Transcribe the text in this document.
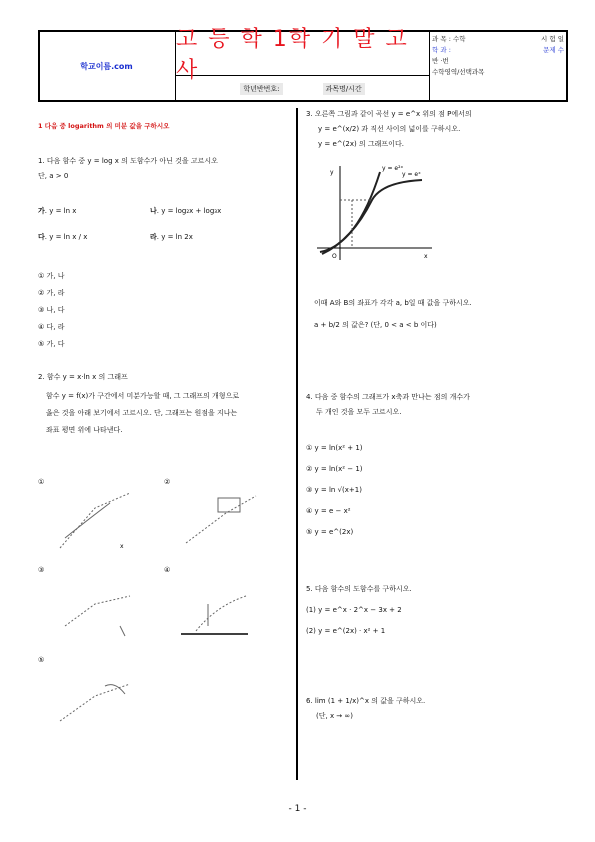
학교이름.com
고 등 학 1학 기 말 고 사
학년반번호:	과목명/시간
과 목 : 수학	시 험 일
학 과 :	문제 수
반 ·번
수학영역/선택과목
1 다음 중 logarithm 의 미분 값을 구하시오
1. 다음 함수 중 y = log x 의 도함수가 아닌 것을 고르시오
단, a > 0
가. y = ln x	나. y = log₂x + log₃x
다. y = ln x / x	라. y = ln 2x
① 가, 나
② 가, 라
③ 나, 다
④ 다, 라
⑤ 가, 다
2. 함수 y = x·ln x 의 그래프
함수 y = f(x)가 구간에서 미분가능할 때, 그 그래프의 개형으로
옳은 것을 아래 보기에서 고르시오. 단, 그래프는 원점을 지나는
좌표 평면 위에 나타낸다.
①
x
②
③	④
⑤
3. 오른쪽 그림과 같이 곡선 y = e^x 위의 점 P에서의
y = e^(x/2) 과 직선 사이의 넓이를 구하시오.
y = e^(2x) 의 그래프이다.
y = eˣ
y = e²ˣ
y
x
O
이때 A와 B의 좌표가 각각 a, b일 때 값을 구하시오.
a + b/2 의 값은? (단, 0 < a < b 이다)
4. 다음 중 함수의 그래프가 x축과 만나는 점의 개수가
두 개인 것을 모두 고르시오.
① y = ln(x² + 1)
② y = ln(x² − 1)
③ y = ln √(x+1)
④ y = e − x²
⑤ y = e^(2x)
5. 다음 함수의 도함수를 구하시오.
(1) y = e^x · 2^x − 3x + 2
(2) y = e^(2x) · x² + 1
6. lim (1 + 1/x)^x 의 값을 구하시오.
(단, x → ∞)
- 1 -
